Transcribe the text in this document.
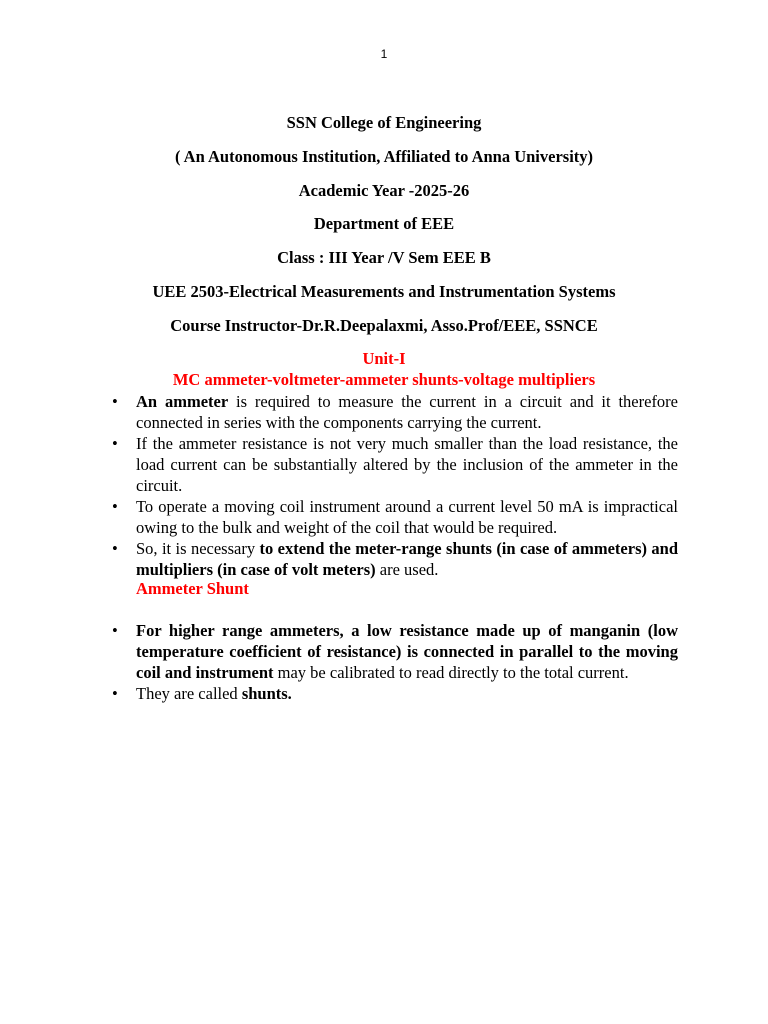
1
SSN College of Engineering
( An Autonomous Institution, Affiliated to Anna University)
Academic Year -2025-26
Department of EEE
Class : III Year /V Sem EEE B
UEE 2503-Electrical Measurements and Instrumentation Systems
Course Instructor-Dr.R.Deepalaxmi, Asso.Prof/EEE, SSNCE
Unit-I
MC ammeter-voltmeter-ammeter shunts-voltage multipliers
• An ammeter is required to measure the current in a circuit and it therefore connected in series with the components carrying the current.
• If the ammeter resistance is not very much smaller than the load resistance, the load current can be substantially altered by the inclusion of the ammeter in the circuit.
• To operate a moving coil instrument around a current level 50 mA is impractical owing to the bulk and weight of the coil that would be required.
• So, it is necessary to extend the meter-range shunts (in case of ammeters) and multipliers (in case of volt meters) are used.
Ammeter Shunt
• For higher range ammeters, a low resistance made up of manganin (low temperature coefficient of resistance) is connected in parallel to the moving coil and instrument may be calibrated to read directly to the total current.
• They are called shunts.
